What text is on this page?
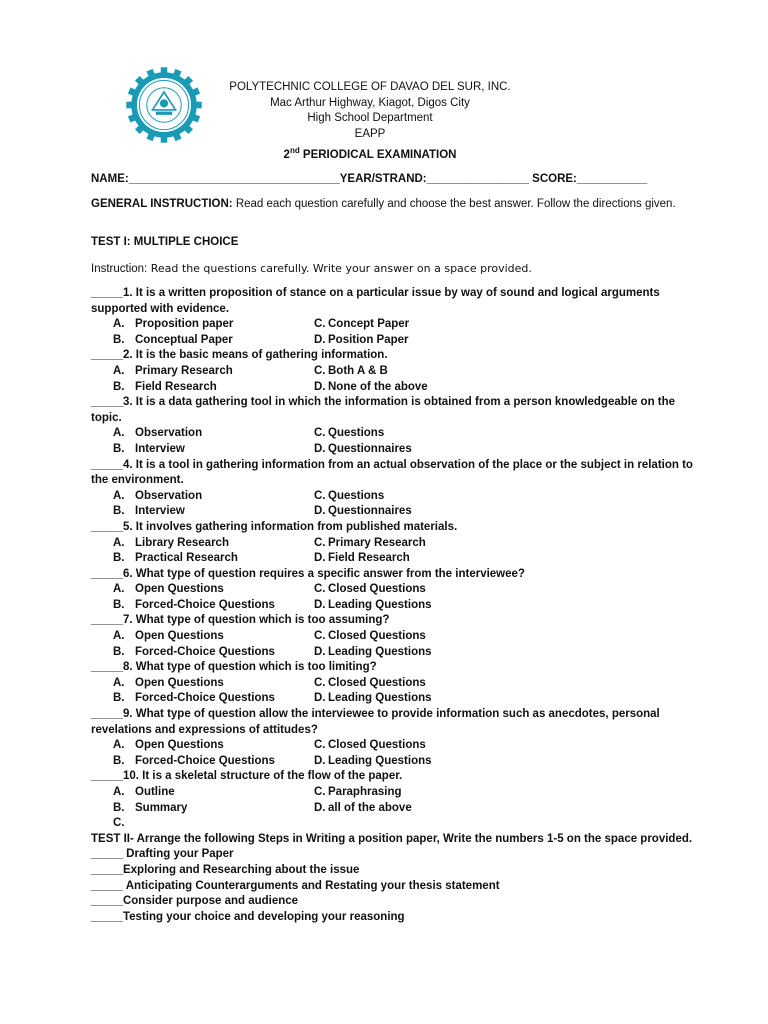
POLYTECHNIC COLLEGE OF DAVAO DEL SUR, INC.
Mac Arthur Highway, Kiagot, Digos City
High School Department
EAPP
2nd PERIODICAL EXAMINATION
NAME:_________________________________YEAR/STRAND:________________ SCORE:___________
GENERAL INSTRUCTION: Read each question carefully and choose the best answer. Follow the directions given.
TEST I: MULTIPLE CHOICE
Instruction: Read the questions carefully. Write your answer on a space provided.
_____1. It is a written proposition of stance on a particular issue by way of sound and logical arguments supported with evidence.
A. Proposition paper	C. Concept Paper
B. Conceptual Paper	D. Position Paper
_____2. It is the basic means of gathering information.
A. Primary Research	C. Both A & B
B. Field Research	D. None of the above
_____3. It is a data gathering tool in which the information is obtained from a person knowledgeable on the topic.
A. Observation	C. Questions
B. Interview	D. Questionnaires
_____4. It is a tool in gathering information from an actual observation of the place or the subject in relation to the environment.
A. Observation	C. Questions
B. Interview	D. Questionnaires
_____5. It involves gathering information from published materials.
A. Library Research	C. Primary Research
B. Practical Research	D. Field Research
_____6. What type of question requires a specific answer from the interviewee?
A. Open Questions	C. Closed Questions
B. Forced-Choice Questions	D. Leading Questions
_____7. What type of question which is too assuming?
A. Open Questions	C. Closed Questions
B. Forced-Choice Questions	D. Leading Questions
_____8. What type of question which is too limiting?
A. Open Questions	C. Closed Questions
B. Forced-Choice Questions	D. Leading Questions
_____9. What type of question allow the interviewee to provide information such as anecdotes, personal revelations and expressions of attitudes?
A. Open Questions	C. Closed Questions
B. Forced-Choice Questions	D. Leading Questions
_____10. It is a skeletal structure of the flow of the paper.
A. Outline	C. Paraphrasing
B. Summary	D. all of the above
C.
TEST II- Arrange the following Steps in Writing a position paper, Write the numbers 1-5 on the space provided.
_____ Drafting your Paper
_____Exploring and Researching about the issue
_____ Anticipating Counterarguments and Restating your thesis statement
_____Consider purpose and audience
_____Testing your choice and developing your reasoning
